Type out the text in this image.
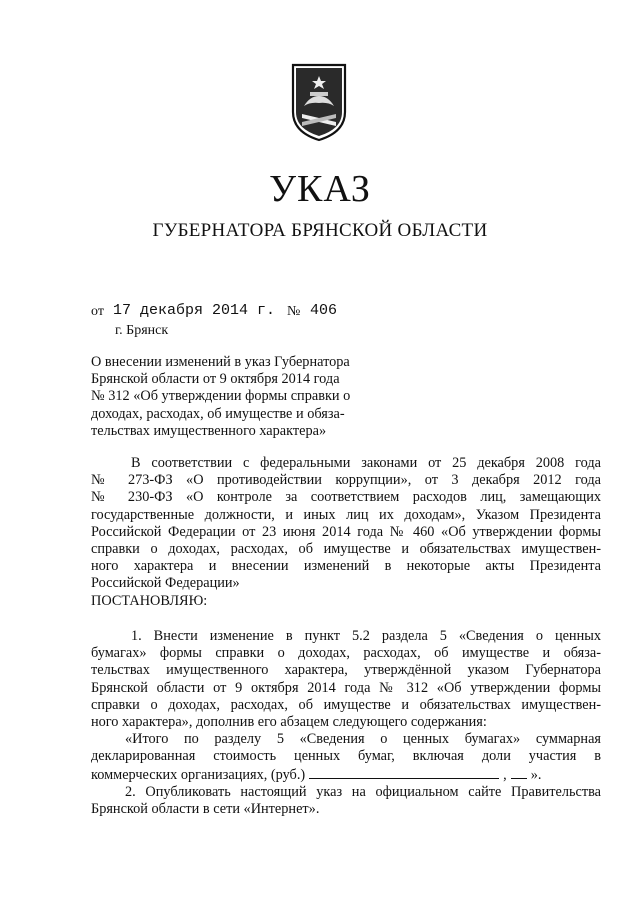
УКАЗ
ГУБЕРНАТОРА БРЯНСКОЙ ОБЛАСТИ
от 17 декабря 2014 г. № 406
г. Брянск
О внесении изменений в указ Губернатора
Брянской области от 9 октября 2014 года
№ 312 «Об утверждении формы справки о
доходах, расходах, об имуществе и обяза-
тельствах имущественного характера»
В соответствии с федеральными законами от 25 декабря 2008 года
№ 273-ФЗ «О противодействии коррупции», от 3 декабря 2012 года
№ 230-ФЗ «О контроле за соответствием расходов лиц, замещающих
государственные должности, и иных лиц их доходам», Указом Президента
Российской Федерации от 23 июня 2014 года № 460 «Об утверждении формы
справки о доходах, расходах, об имуществе и обязательствах имуществен-
ного характера и внесении изменений в некоторые акты Президента
Российской Федерации»
ПОСТАНОВЛЯЮ:
1. Внести изменение в пункт 5.2 раздела 5 «Сведения о ценных
бумагах» формы справки о доходах, расходах, об имуществе и обяза-
тельствах имущественного характера, утверждённой указом Губернатора
Брянской области от 9 октября 2014 года № 312 «Об утверждении формы
справки о доходах, расходах, об имуществе и обязательствах имуществен-
ного характера», дополнив его абзацем следующего содержания:
«Итого по разделу 5 «Сведения о ценных бумагах» суммарная
декларированная стоимость ценных бумаг, включая доли участия в
коммерческих организациях, (руб.)	, ».
2. Опубликовать настоящий указ на официальном сайте Правительства
Брянской области в сети «Интернет».
